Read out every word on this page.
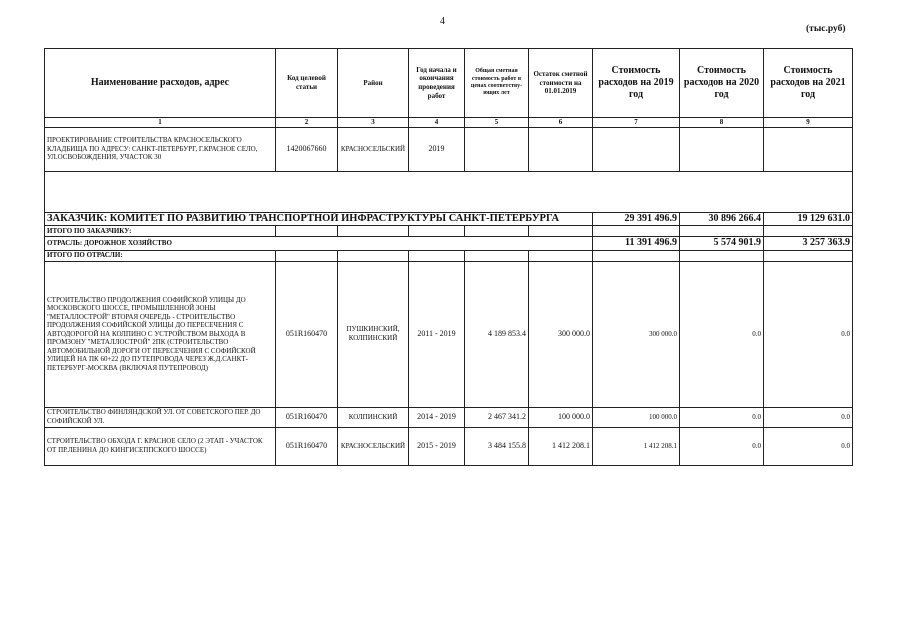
4
(тыс.руб)
Наименование расходов, адрес	Код целевой статьи	Район	Год начала и окончания проведения работ	Общая сметная стоимость работ в ценах соответству-ющих лет	Остаток сметной стоимости на 01.01.2019	Стоимость расходов на 2019 год	Стоимость расходов на 2020 год	Стоимость расходов на 2021 год
1	2	3	4	5	6	7	8	9
ПРОЕКТИРОВАНИЕ СТРОИТЕЛЬСТВА КРАСНОСЕЛЬСКОГО КЛАДБИЩА ПО АДРЕСУ: САНКТ-ПЕТЕРБУРГ, Г.КРАСНОЕ СЕЛО, УЛ.ОСВОБОЖДЕНИЯ, УЧАСТОК 30	1420067660	КРАСНОСЕЛЬСКИЙ	2019					

ЗАКАЗЧИК: КОМИТЕТ ПО РАЗВИТИЮ ТРАНСПОРТНОЙ ИНФРАСТРУКТУРЫ САНКТ-ПЕТЕРБУРГА						29 391 496.9	30 896 266.4	19 129 631.0
ИТОГО ПО ЗАКАЗЧИКУ:								
ОТРАСЛЬ: ДОРОЖНОЕ ХОЗЯЙСТВО						11 391 496.9	5 574 901.9	3 257 363.9
ИТОГО ПО ОТРАСЛИ:								
СТРОИТЕЛЬСТВО ПРОДОЛЖЕНИЯ СОФИЙСКОЙ УЛИЦЫ ДО МОСКОВСКОГО ШОССЕ, ПРОМЫШЛЕННОЙ ЗОНЫ "МЕТАЛЛОСТРОЙ" ВТОРАЯ ОЧЕРЕДЬ - СТРОИТЕЛЬСТВО ПРОДОЛЖЕНИЯ СОФИЙСКОЙ УЛИЦЫ ДО ПЕРЕСЕЧЕНИЯ С АВТОДОРОГОЙ НА КОЛПИНО С УСТРОЙСТВОМ ВЫХОДА В ПРОМЗОНУ "МЕТАЛЛОСТРОЙ" 2ПК (СТРОИТЕЛЬСТВО АВТОМОБИЛЬНОЙ ДОРОГИ ОТ ПЕРЕСЕЧЕНИЯ С СОФИЙСКОЙ УЛИЦЕЙ НА ПК 60+22 ДО ПУТЕПРОВОДА ЧЕРЕЗ Ж.Д.САНКТ-ПЕТЕРБУРГ-МОСКВА (ВКЛЮЧАЯ ПУТЕПРОВОД)	051R160470	ПУШКИНСКИЙ, КОЛПИНСКИЙ	2011 - 2019	4 189 853.4	300 000.0	300 000.0	0.0	0.0
СТРОИТЕЛЬСТВО ФИНЛЯНДСКОЙ УЛ. ОТ СОВЕТСКОГО ПЕР. ДО СОФИЙСКОЙ УЛ.	051R160470	КОЛПИНСКИЙ	2014 - 2019	2 467 341.2	100 000.0	100 000.0	0.0	0.0
СТРОИТЕЛЬСТВО ОБХОДА Г. КРАСНОЕ СЕЛО (2 ЭТАП - УЧАСТОК ОТ ПР.ЛЕНИНА ДО КИНГИСЕППСКОГО ШОССЕ)	051R160470	КРАСНОСЕЛЬСКИЙ	2015 - 2019	3 484 155.8	1 412 208.1	1 412 208.1	0.0	0.0
